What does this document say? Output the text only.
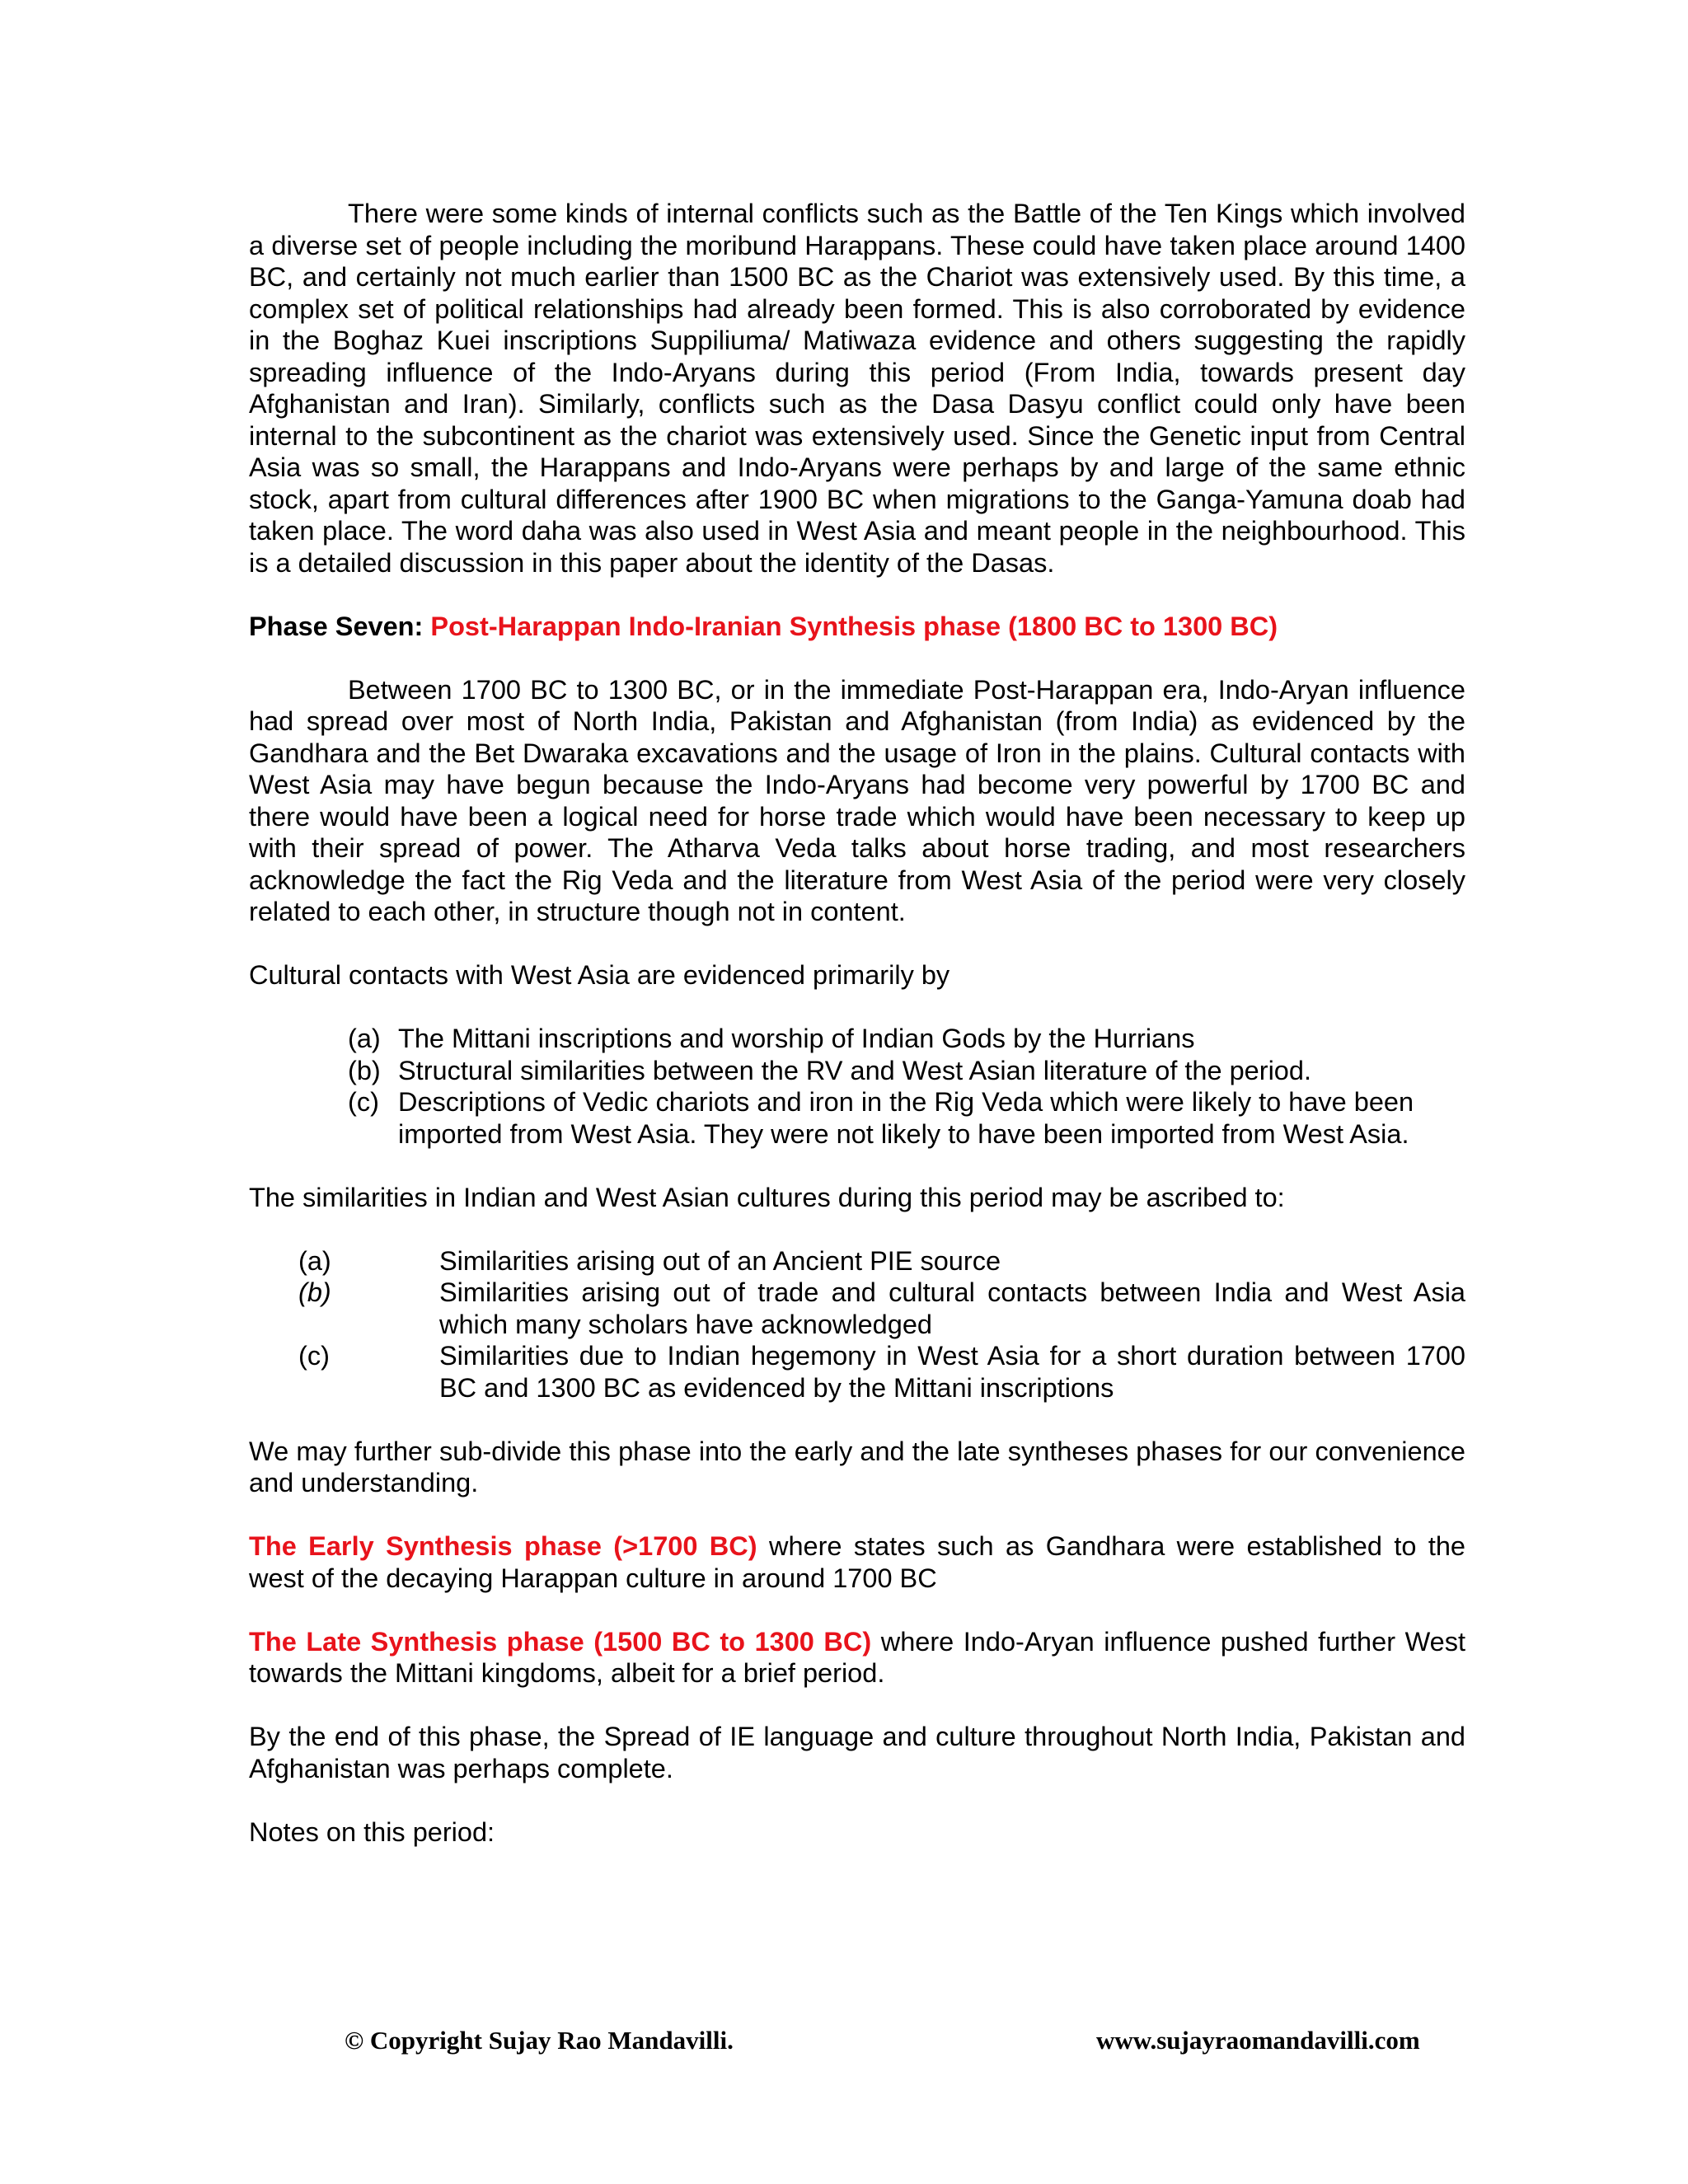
There were some kinds of internal conflicts such as the Battle of the Ten Kings which involved a diverse set of people including the moribund Harappans. These could have taken place around 1400 BC, and certainly not much earlier than 1500 BC as the Chariot was extensively used. By this time, a complex set of political relationships had already been formed. This is also corroborated by evidence in the Boghaz Kuei inscriptions Suppiliuma/ Matiwaza evidence and others suggesting the rapidly spreading influence of the Indo-Aryans during this period (From India, towards present day Afghanistan and Iran). Similarly, conflicts such as the Dasa Dasyu conflict could only have been internal to the subcontinent as the chariot was extensively used. Since the Genetic input from Central Asia was so small, the Harappans and Indo-Aryans were perhaps by and large of the same ethnic stock, apart from cultural differences after 1900 BC when migrations to the Ganga-Yamuna doab had taken place. The word daha was also used in West Asia and meant people in the neighbourhood. This is a detailed discussion in this paper about the identity of the Dasas.

Phase Seven: Post-Harappan Indo-Iranian Synthesis phase (1800 BC to 1300 BC)

Between 1700 BC to 1300 BC, or in the immediate Post-Harappan era, Indo-Aryan influence had spread over most of North India, Pakistan and Afghanistan (from India) as evidenced by the Gandhara and the Bet Dwaraka excavations and the usage of Iron in the plains. Cultural contacts with West Asia may have begun because the Indo-Aryans had become very powerful by 1700 BC and there would have been a logical need for horse trade which would have been necessary to keep up with their spread of power. The Atharva Veda talks about horse trading, and most researchers acknowledge the fact the Rig Veda and the literature from West Asia of the period were very closely related to each other, in structure though not in content.

Cultural contacts with West Asia are evidenced primarily by

(a) The Mittani inscriptions and worship of Indian Gods by the Hurrians
(b) Structural similarities between the RV and West Asian literature of the period.
(c) Descriptions of Vedic chariots and iron in the Rig Veda which were likely to have been imported from West Asia. They were not likely to have been imported from West Asia.

The similarities in Indian and West Asian cultures during this period may be ascribed to:

(a)	Similarities arising out of an Ancient PIE source
(b)	Similarities arising out of trade and cultural contacts between India and West Asia which many scholars have acknowledged
(c)	Similarities due to Indian hegemony in West Asia for a short duration between 1700 BC and 1300 BC as evidenced by the Mittani inscriptions

We may further sub-divide this phase into the early and the late syntheses phases for our convenience and understanding.

The Early Synthesis phase (>1700 BC) where states such as Gandhara were established to the west of the decaying Harappan culture in around 1700 BC

The Late Synthesis phase (1500 BC to 1300 BC) where Indo-Aryan influence pushed further West towards the Mittani kingdoms, albeit for a brief period.

By the end of this phase, the Spread of IE language and culture throughout North India, Pakistan and Afghanistan was perhaps complete.

Notes on this period:

© Copyright Sujay Rao Mandavilli.	www.sujayraomandavilli.com
